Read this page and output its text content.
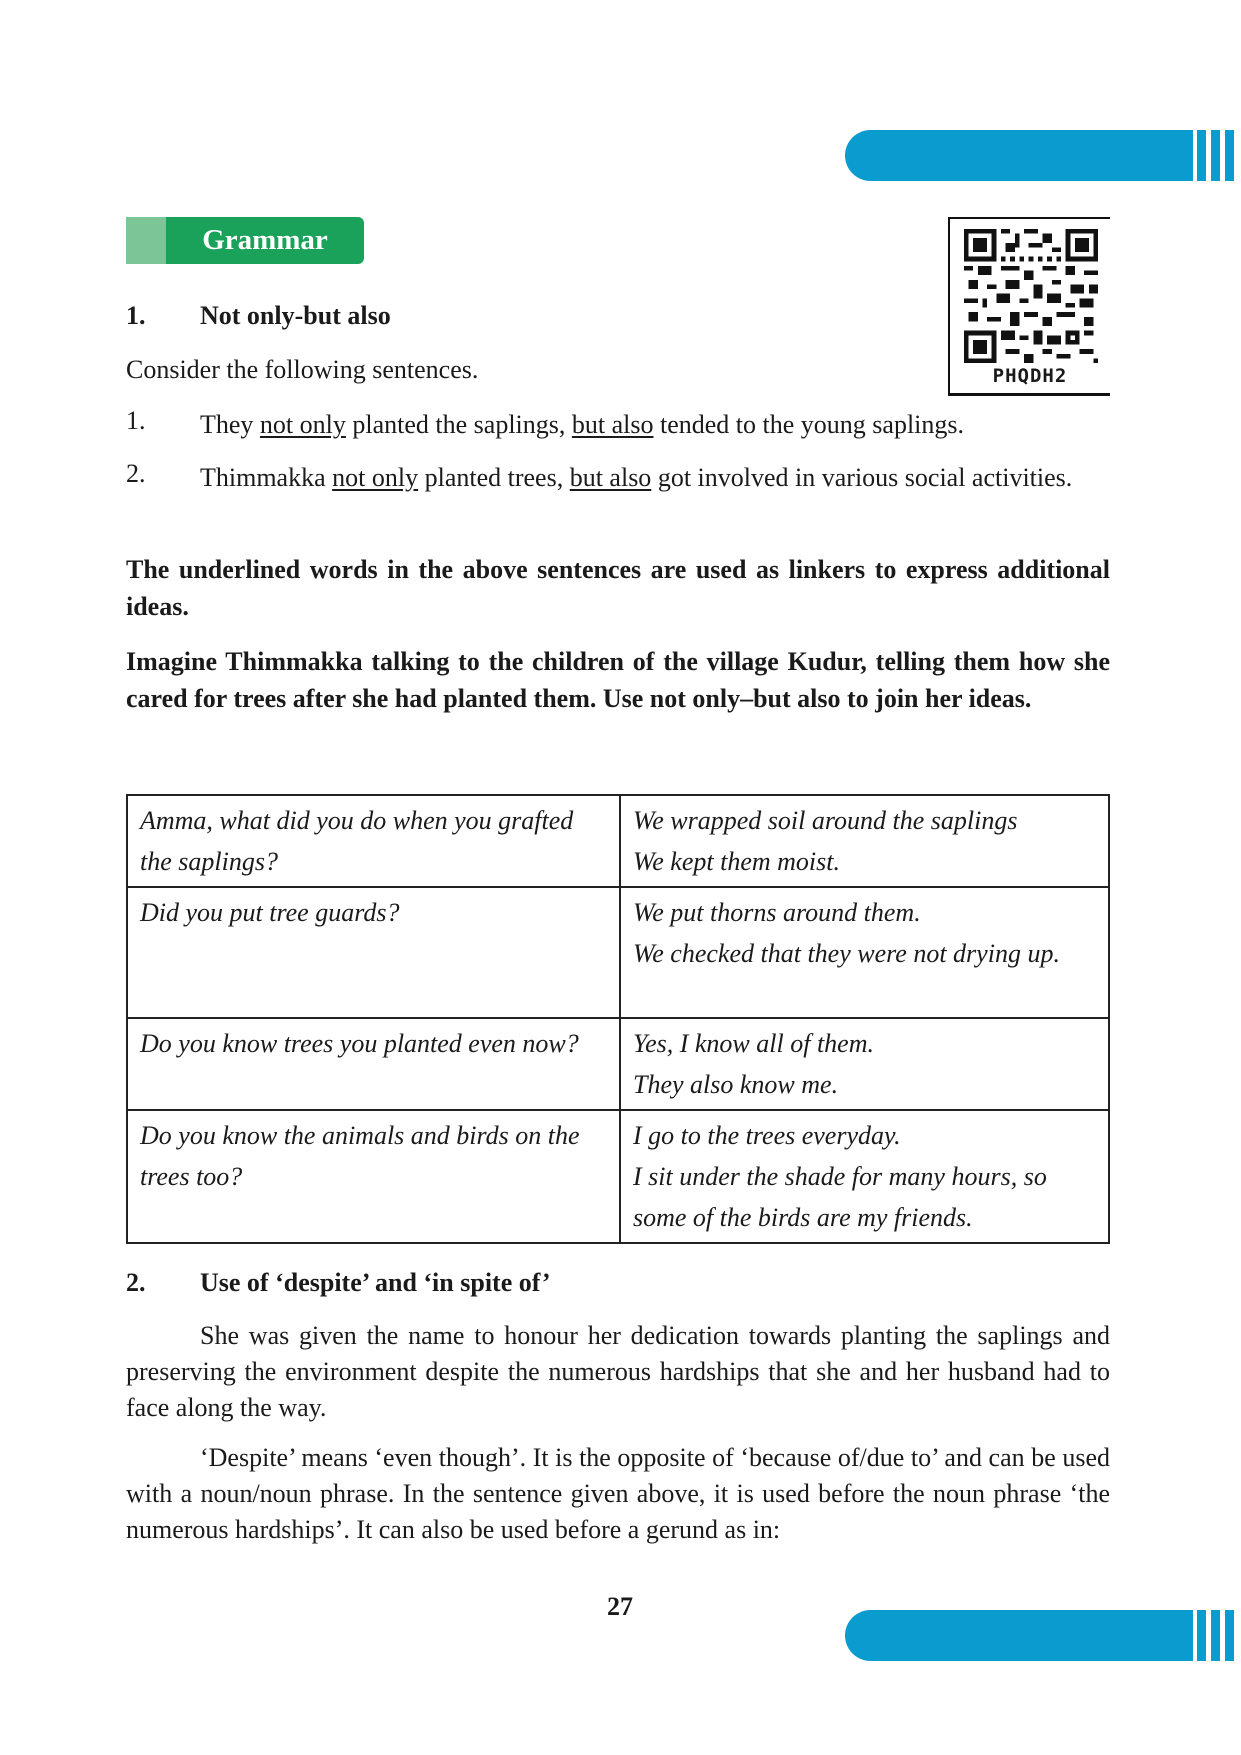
Grammar
PHQDH2
1. Not only-but also
Consider the following sentences.
1. They not only planted the saplings, but also tended to the young saplings.
2. Thimmakka not only planted trees, but also got involved in various social activities.
The underlined words in the above sentences are used as linkers to express additional ideas.
Imagine Thimmakka talking to the children of the village Kudur, telling them how she cared for trees after she had planted them. Use not only–but also to join her ideas.
Amma, what did you do when you grafted the saplings?	We wrapped soil around the saplings
We kept them moist.

Did you put tree guards?	We put thorns around them.
We checked that they were not drying up.

Do you know trees you planted even now?	Yes, I know all of them.
They also know me.

Do you know the animals and birds on the trees too?	I go to the trees everyday.
I sit under the shade for many hours, so some of the birds are my friends.
2. Use of ‘despite’ and ‘in spite of’
She was given the name to honour her dedication towards planting the saplings and preserving the environment despite the numerous hardships that she and her husband had to face along the way.
‘Despite’ means ‘even though’. It is the opposite of ‘because of/due to’ and can be used with a noun/noun phrase. In the sentence given above, it is used before the noun phrase ‘the numerous hardships’. It can also be used before a gerund as in:
27
